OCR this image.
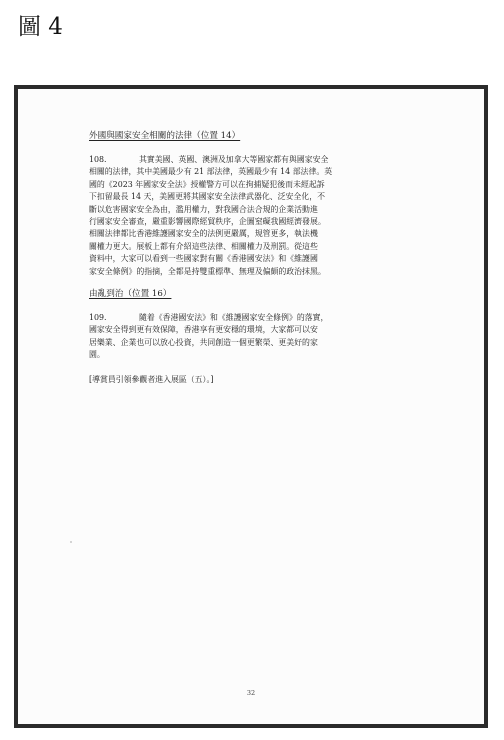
圖 4
外國與國家安全相關的法律（位置 14）
108.	其實美國、英國、澳洲及加拿大等國家都有與國家安全
相關的法律，其中美國最少有 21 部法律，英國最少有 14 部法律。英
國的《2023 年國家安全法》授權警方可以在拘捕疑犯後而未經起訴
下扣留最長 14 天，美國更將其國家安全法律武器化、泛安全化，不
斷以危害國家安全為由，濫用權力，對我國合法合規的企業活動進
行國家安全審查，嚴重影響國際經貿秩序，企圖窒礙我國經濟發展。
相關法律都比香港維護國家安全的法例更嚴厲，規管更多，執法機
關權力更大。展板上都有介紹這些法律、相關權力及刑罰。從這些
資料中，大家可以看到一些國家對有關《香港國安法》和《維護國
家安全條例》的指摘，全都是持雙重標準、無理及偏頗的政治抹黑。
由亂到治（位置 16）
109.	隨着《香港國安法》和《維護國家安全條例》的落實，
國家安全得到更有效保障，香港享有更安穩的環境，大家都可以安
居樂業、企業也可以放心投資，共同創造一個更繁榮、更美好的家
園。
[導賞員引領參觀者進入展區（五）。]
32
